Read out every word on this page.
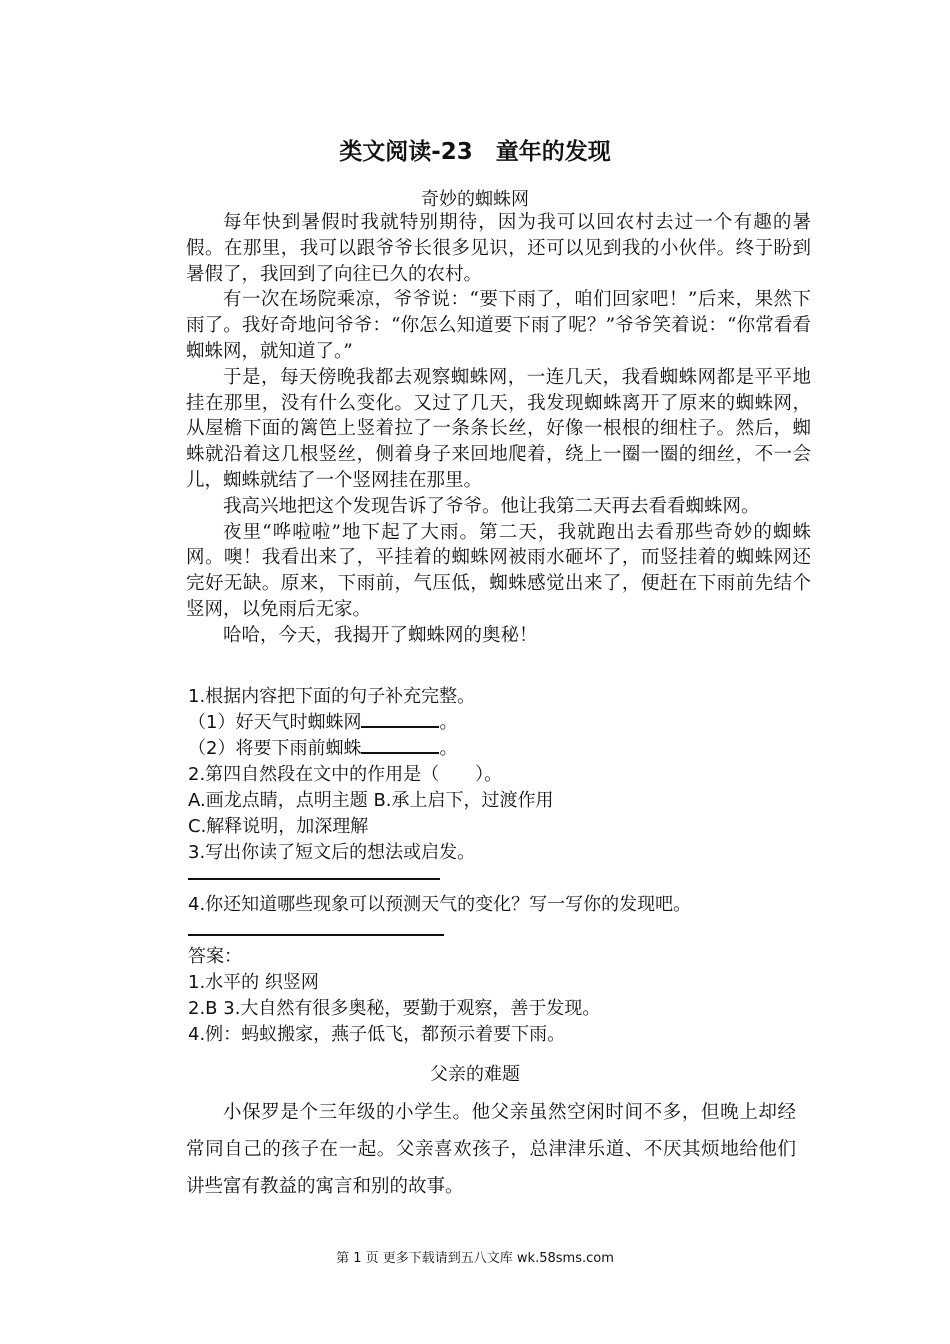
类文阅读-23　童年的发现
奇妙的蜘蛛网

每年快到暑假时我就特别期待，因为我可以回农村去过一个有趣的暑假。在那里，我可以跟爷爷长很多见识，还可以见到我的小伙伴。终于盼到暑假了，我回到了向往已久的农村。

有一次在场院乘凉，爷爷说：“要下雨了，咱们回家吧！”后来，果然下雨了。我好奇地问爷爷：“你怎么知道要下雨了呢？”爷爷笑着说：“你常看看蜘蛛网，就知道了。”

于是，每天傍晚我都去观察蜘蛛网，一连几天，我看蜘蛛网都是平平地挂在那里，没有什么变化。又过了几天，我发现蜘蛛离开了原来的蜘蛛网，从屋檐下面的篱笆上竖着拉了一条条长丝，好像一根根的细柱子。然后，蜘蛛就沿着这几根竖丝，侧着身子来回地爬着，绕上一圈一圈的细丝，不一会儿，蜘蛛就结了一个竖网挂在那里。

我高兴地把这个发现告诉了爷爷。他让我第二天再去看看蜘蛛网。

夜里“哗啦啦”地下起了大雨。第二天，我就跑出去看那些奇妙的蜘蛛网。噢！我看出来了，平挂着的蜘蛛网被雨水砸坏了，而竖挂着的蜘蛛网还完好无缺。原来，下雨前，气压低，蜘蛛感觉出来了，便赶在下雨前先结个竖网，以免雨后无家。

哈哈，今天，我揭开了蜘蛛网的奥秘！

1.根据内容把下面的句子补充完整。
（1）好天气时蜘蛛网	。
（2）将要下雨前蜘蛛	。
2.第四自然段在文中的作用是（　　）。
A.画龙点睛，点明主题 B.承上启下，过渡作用
C.解释说明，加深理解
3.写出你读了短文后的想法或启发。
4.你还知道哪些现象可以预测天气的变化？写一写你的发现吧。
答案：
1.水平的 织竖网
2.B 3.大自然有很多奥秘，要勤于观察，善于发现。
4.例：蚂蚁搬家，燕子低飞，都预示着要下雨。
父亲的难题

小保罗是个三年级的小学生。他父亲虽然空闲时间不多，但晚上却经常同自己的孩子在一起。父亲喜欢孩子，总津津乐道、不厌其烦地给他们讲些富有教益的寓言和别的故事。

第 1 页 更多下载请到五八文库 wk.58sms.com
